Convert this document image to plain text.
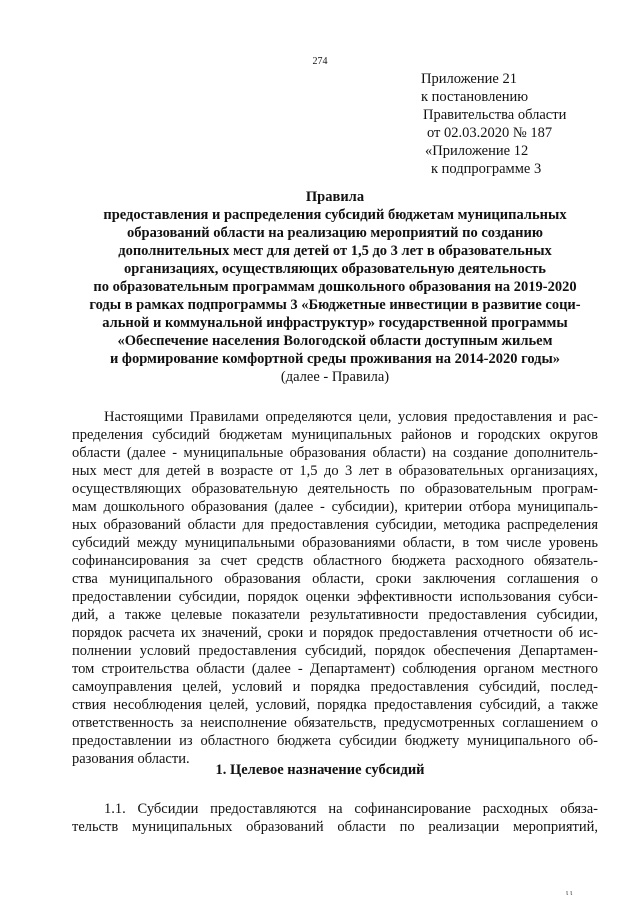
274
Приложение 21
к постановлению
Правительства области
от 02.03.2020 № 187
«Приложение 12
к подпрограмме 3
Правила
предоставления и распределения субсидий бюджетам муниципальных
образований области на реализацию мероприятий по созданию
дополнительных мест для детей от 1,5 до 3 лет в образовательных
организациях, осуществляющих образовательную деятельность
по образовательным программам дошкольного образования на 2019-2020
годы в рамках подпрограммы 3 «Бюджетные инвестиции в развитие соци-
альной и коммунальной инфраструктур» государственной программы
«Обеспечение населения Вологодской области доступным жильем
и формирование комфортной среды проживания на 2014-2020 годы»
(далее - Правила)
Настоящими Правилами определяются цели, условия предоставления и рас-
пределения субсидий бюджетам муниципальных районов и городских округов
области (далее - муниципальные образования области) на создание дополнитель-
ных мест для детей в возрасте от 1,5 до 3 лет в образовательных организациях,
осуществляющих образовательную деятельность по образовательным програм-
мам дошкольного образования (далее - субсидии), критерии отбора муниципаль-
ных образований области для предоставления субсидии, методика распределения
субсидий между муниципальными образованиями области, в том числе уровень
софинансирования за счет средств областного бюджета расходного обязатель-
ства муниципального образования области, сроки заключения соглашения о
предоставлении субсидии, порядок оценки эффективности использования субси-
дий, а также целевые показатели результативности предоставления субсидии,
порядок расчета их значений, сроки и порядок предоставления отчетности об ис-
полнении условий предоставления субсидий, порядок обеспечения Департамен-
том строительства области (далее - Департамент) соблюдения органом местного
самоуправления целей, условий и порядка предоставления субсидий, послед-
ствия несоблюдения целей, условий, порядка предоставления субсидий, а также
ответственность за неисполнение обязательств, предусмотренных соглашением о
предоставлении из областного бюджета субсидии бюджету муниципального об-
разования области.
1. Целевое назначение субсидий
1.1. Субсидии предоставляются на софинансирование расходных обяза-
тельств муниципальных образований области по реализации мероприятий,
ι ι
